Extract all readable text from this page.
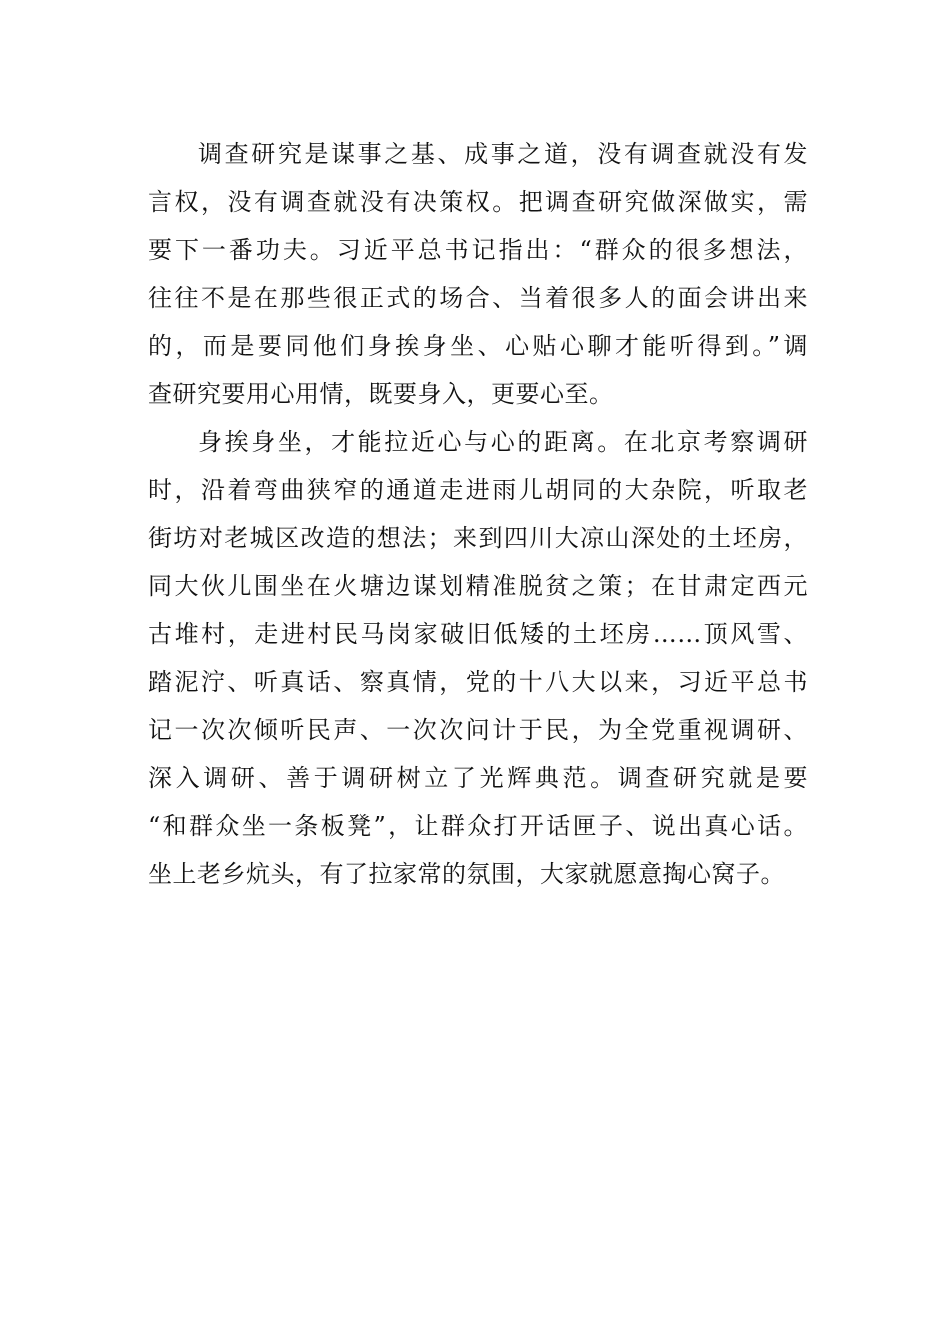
调查研究是谋事之基、成事之道，没有调查就没有发
言权，没有调查就没有决策权。把调查研究做深做实，需
要下一番功夫。习近平总书记指出：“群众的很多想法，
往往不是在那些很正式的场合、当着很多人的面会讲出来
的，而是要同他们身挨身坐、心贴心聊才能听得到。”调
查研究要用心用情，既要身入，更要心至。
身挨身坐，才能拉近心与心的距离。在北京考察调研
时，沿着弯曲狭窄的通道走进雨儿胡同的大杂院，听取老
街坊对老城区改造的想法；来到四川大凉山深处的土坯房，
同大伙儿围坐在火塘边谋划精准脱贫之策；在甘肃定西元
古堆村，走进村民马岗家破旧低矮的土坯房……顶风雪、
踏泥泞、听真话、察真情，党的十八大以来，习近平总书
记一次次倾听民声、一次次问计于民，为全党重视调研、
深入调研、善于调研树立了光辉典范。调查研究就是要
“和群众坐一条板凳”，让群众打开话匣子、说出真心话。
坐上老乡炕头，有了拉家常的氛围，大家就愿意掏心窝子。
